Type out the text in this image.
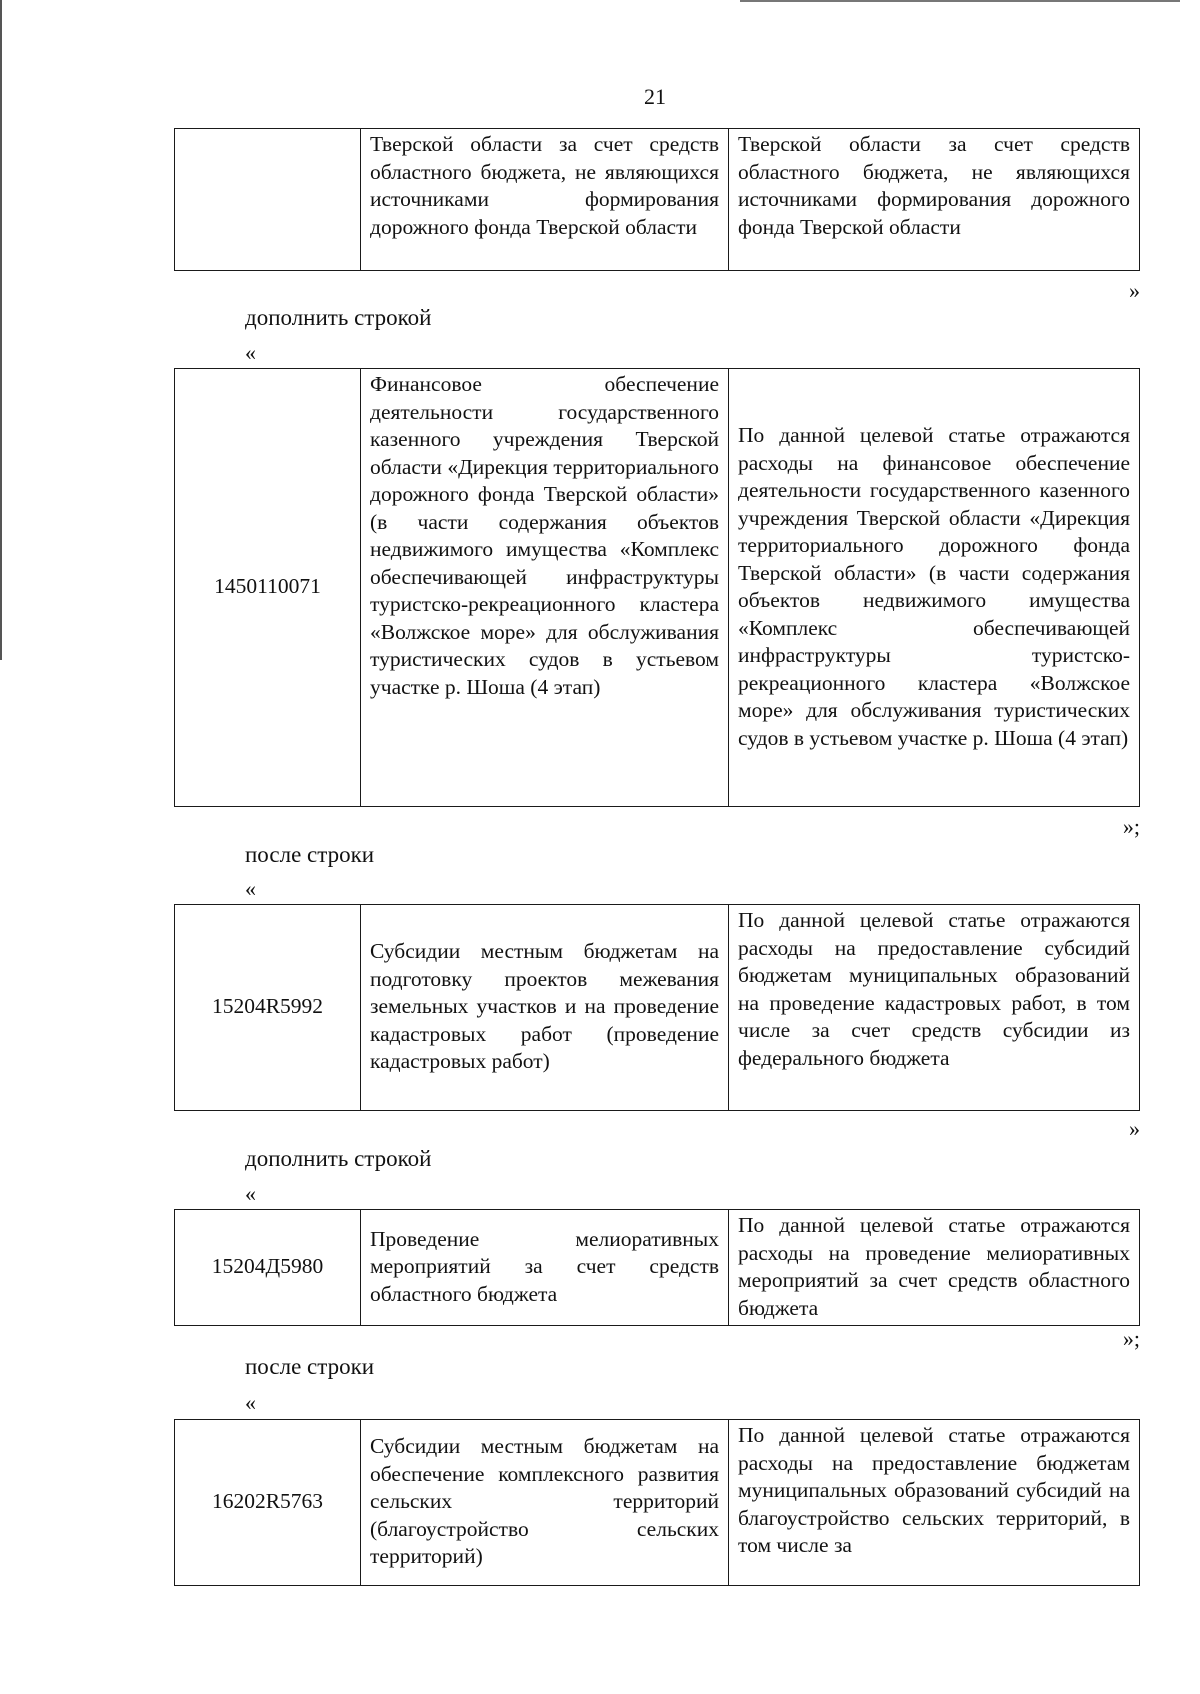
21
	Тверской области за счет средств областного бюджета, не являющихся источниками формирования дорожного фонда Тверской области	Тверской области за счет средств областного бюджета, не являющихся источниками формирования дорожного фонда Тверской области
»
дополнить строкой
«
1450110071	Финансовое обеспечение деятельности государственного казенного учреждения Тверской области «Дирекция территориального дорожного фонда Тверской области» (в части содержания объектов недвижимого имущества «Комплекс обеспечивающей инфраструктуры туристско-рекреационного кластера «Волжское море» для обслуживания туристических судов в устьевом участке р. Шоша (4 этап)	По данной целевой статье отражаются расходы на финансовое обеспечение деятельности государственного казенного учреждения Тверской области «Дирекция территориального дорожного фонда Тверской области» (в части содержания объектов недвижимого имущества «Комплекс обеспечивающей инфраструктуры туристско-рекреационного кластера «Волжское море» для обслуживания туристических судов в устьевом участке р. Шоша (4 этап)
»;
после строки
«
15204R5992	Субсидии местным бюджетам на подготовку проектов межевания земельных участков и на проведение кадастровых работ (проведение кадастровых работ)	По данной целевой статье отражаются расходы на предоставление субсидий бюджетам муниципальных образований на проведение кадастровых работ, в том числе за счет средств субсидии из федерального бюджета
»
дополнить строкой
«
15204Д5980	Проведение мелиоративных мероприятий за счет средств областного бюджета	По данной целевой статье отражаются расходы на проведение мелиоративных мероприятий за счет средств областного бюджета
»;
после строки
«
16202R5763	Субсидии местным бюджетам на обеспечение комплексного развития сельских территорий (благоустройство сельских территорий)	По данной целевой статье отражаются расходы на предоставление бюджетам муниципальных образований субсидий на благоустройство сельских территорий, в том числе за
